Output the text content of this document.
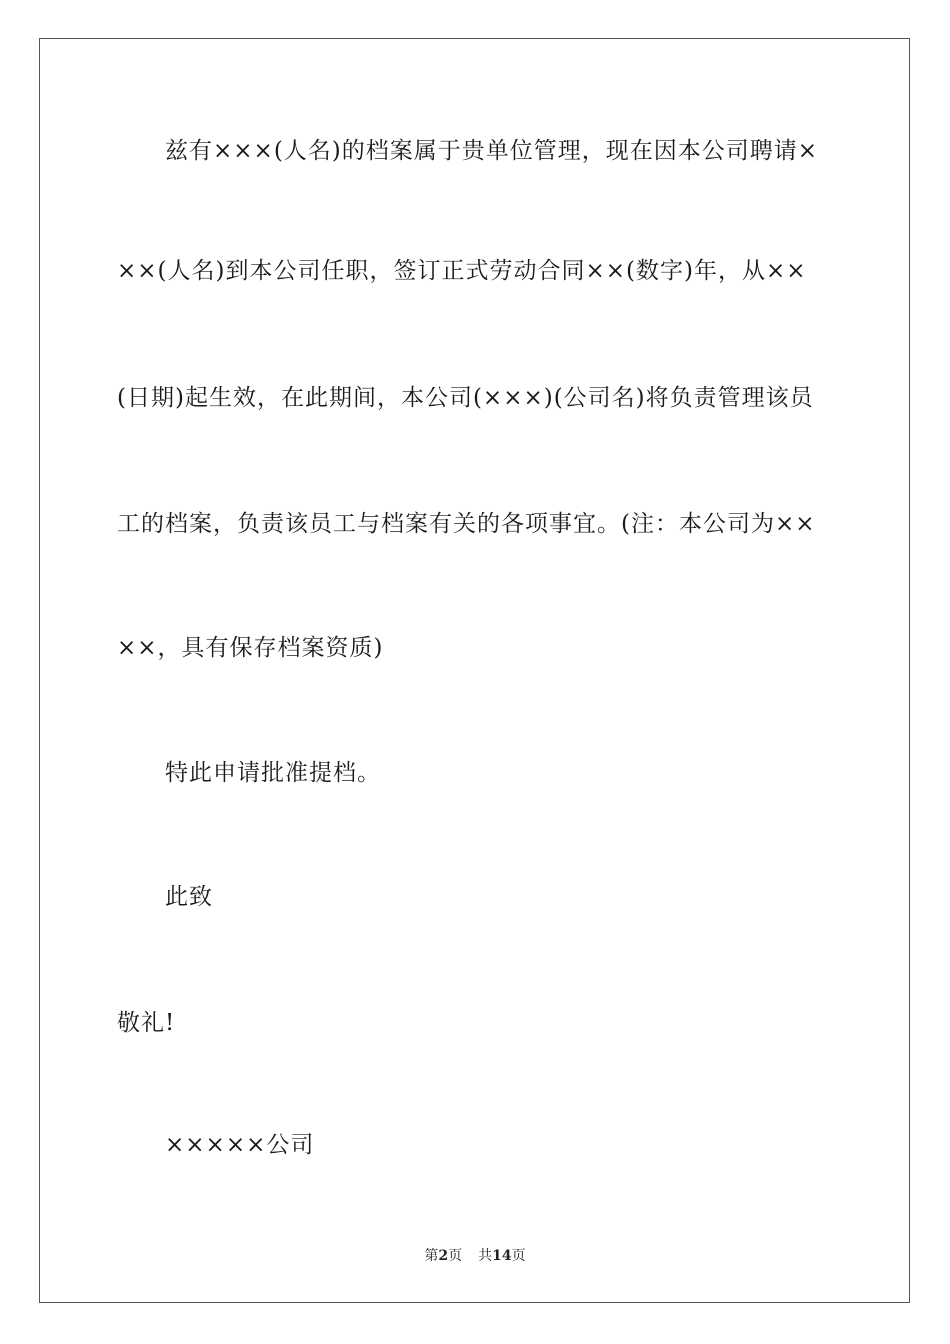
兹有×××(人名)的档案属于贵单位管理，现在因本公司聘请×
××(人名)到本公司任职，签订正式劳动合同××(数字)年，从××
(日期)起生效，在此期间，本公司(×××)(公司名)将负责管理该员
工的档案，负责该员工与档案有关的各项事宜。(注：本公司为××
××，具有保存档案资质)
特此申请批准提档。
此致
敬礼!
×××××公司
第2页 共14页
